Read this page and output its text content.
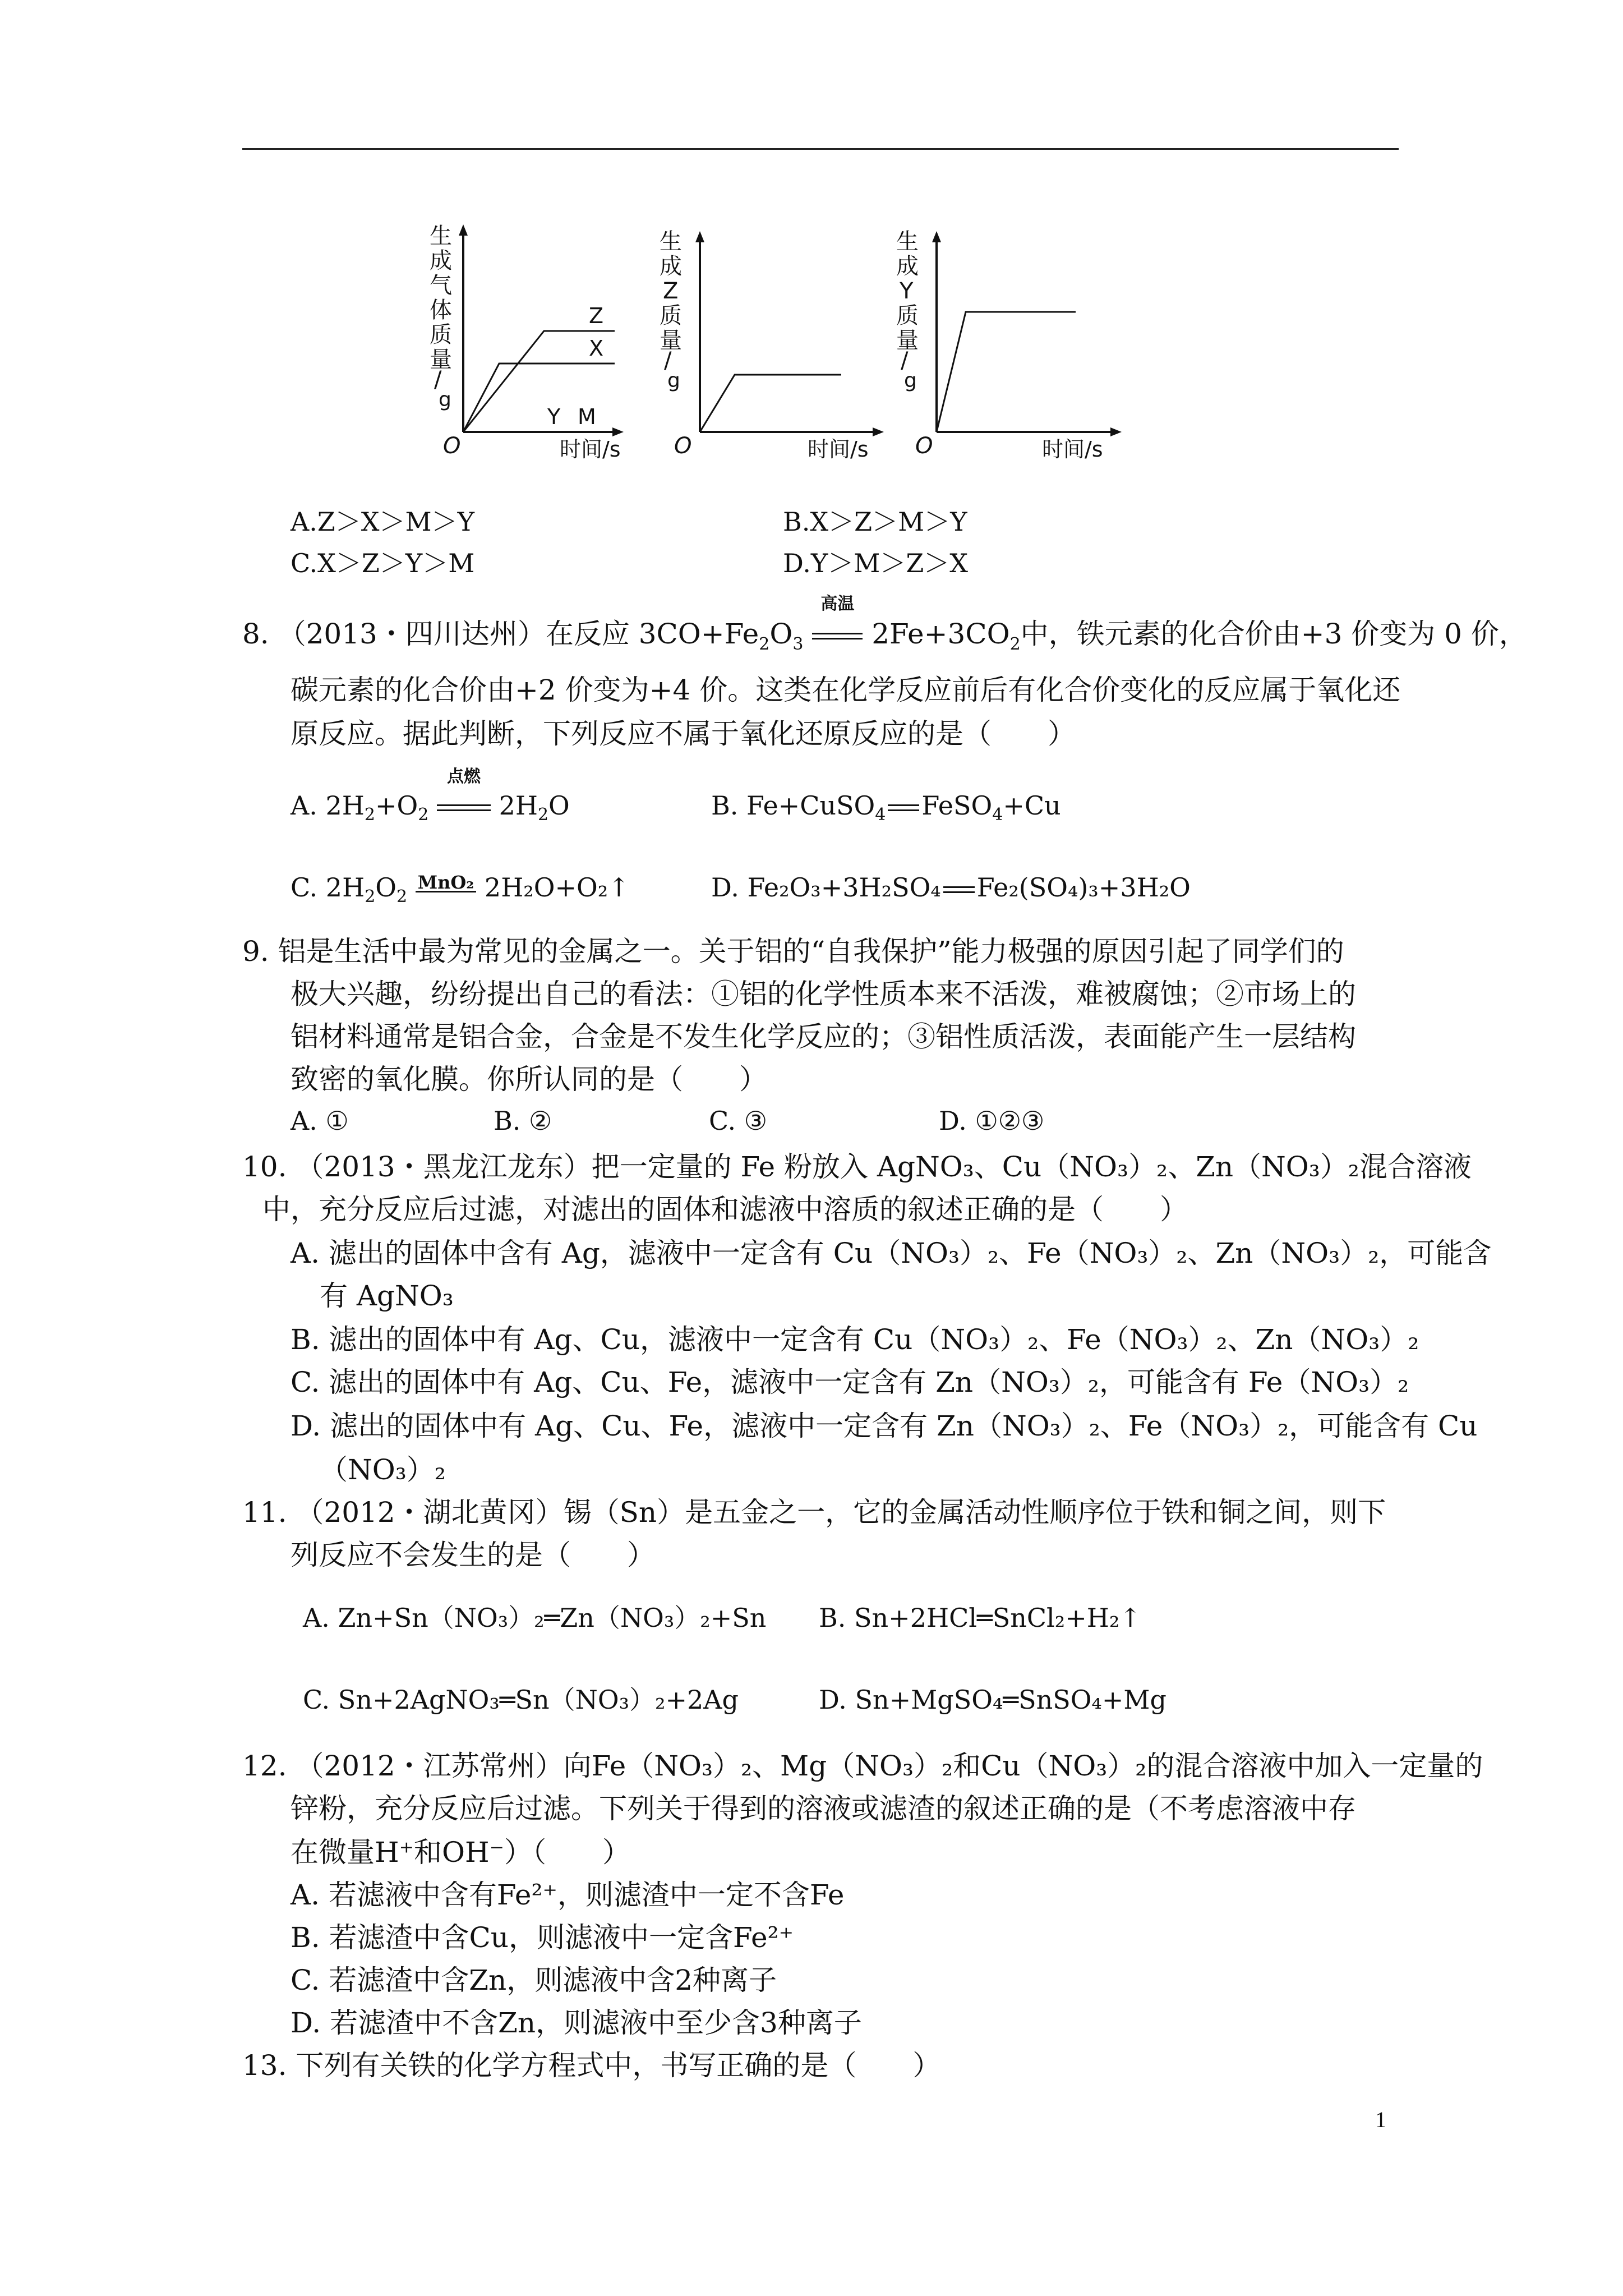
生
成
气
体
质
量
/
g
O	时间/s
Z
X
Y M
生
成
Z
质
量
/
g
O	时间/s
生
成
Y
质
量
/
g
O	时间/s
A.Z＞X＞M＞Y	B.X＞Z＞M＞Y
C.X＞Z＞Y＞M	D.Y＞M＞Z＞X
8. （2013・四川达州）在反应 $3CO+Fe_2O_3$
高温
$2Fe+3CO_2$中，铁元素的化合价由+3 价变为 0 价，
碳元素的化合价由+2 价变为+4 价。这类在化学反应前后有化合价变化的反应属于氧化还
原反应。据此判断，下列反应不属于氧化还原反应的是（　　）
A. $2H_2+O_2$
点燃
$2H_2O$	B. Fe+CuSO$_4$ FeSO$_4$+Cu
C. $2H_2O_2$ MnO₂ 2H₂O+O₂↑	D. Fe₂O₃+3H₂SO₄ Fe₂(SO₄)₃+3H₂O
9. 铝是生活中最为常见的金属之一。关于铝的“自我保护”能力极强的原因引起了同学们的
极大兴趣，纷纷提出自己的看法：①铝的化学性质本来不活泼，难被腐蚀；②市场上的
铝材料通常是铝合金，合金是不发生化学反应的；③铝性质活泼，表面能产生一层结构
致密的氧化膜。你所认同的是（　　）
A. ①	B. ②	C. ③	D. ①②③
10. （2013・黑龙江龙东）把一定量的 Fe 粉放入 AgNO₃、Cu（NO₃）₂、Zn（NO₃）₂混合溶液
中，充分反应后过滤，对滤出的固体和滤液中溶质的叙述正确的是（　　）
A. 滤出的固体中含有 Ag，滤液中一定含有 Cu（NO₃）₂、Fe（NO₃）₂、Zn（NO₃）₂，可能含
有 AgNO₃
B. 滤出的固体中有 Ag、Cu，滤液中一定含有 Cu（NO₃）₂、Fe（NO₃）₂、Zn（NO₃）₂
C. 滤出的固体中有 Ag、Cu、Fe，滤液中一定含有 Zn（NO₃）₂，可能含有 Fe（NO₃）₂
D. 滤出的固体中有 Ag、Cu、Fe，滤液中一定含有 Zn（NO₃）₂、Fe（NO₃）₂，可能含有 Cu
（NO₃）₂
11. （2012・湖北黄冈）锡（Sn）是五金之一，它的金属活动性顺序位于铁和铜之间，则下
列反应不会发生的是（　　）
A. Zn+Sn（NO₃）₂═Zn（NO₃）₂+Sn B. Sn+2HCl═SnCl₂+H₂↑
C. Sn+2AgNO₃═Sn（NO₃）₂+2Ag	D. Sn+MgSO₄═SnSO₄+Mg
12. （2012・江苏常州）向Fe（NO₃）₂、Mg（NO₃）₂和Cu（NO₃）₂的混合溶液中加入一定量的
锌粉，充分反应后过滤。下列关于得到的溶液或滤渣的叙述正确的是（不考虑溶液中存
在微量H⁺和OH⁻）（　　）
A. 若滤液中含有Fe²⁺，则滤渣中一定不含Fe
B. 若滤渣中含Cu，则滤液中一定含Fe²⁺
C. 若滤渣中含Zn，则滤液中含2种离子
D. 若滤渣中不含Zn，则滤液中至少含3种离子
13. 下列有关铁的化学方程式中，书写正确的是（　　）
1
